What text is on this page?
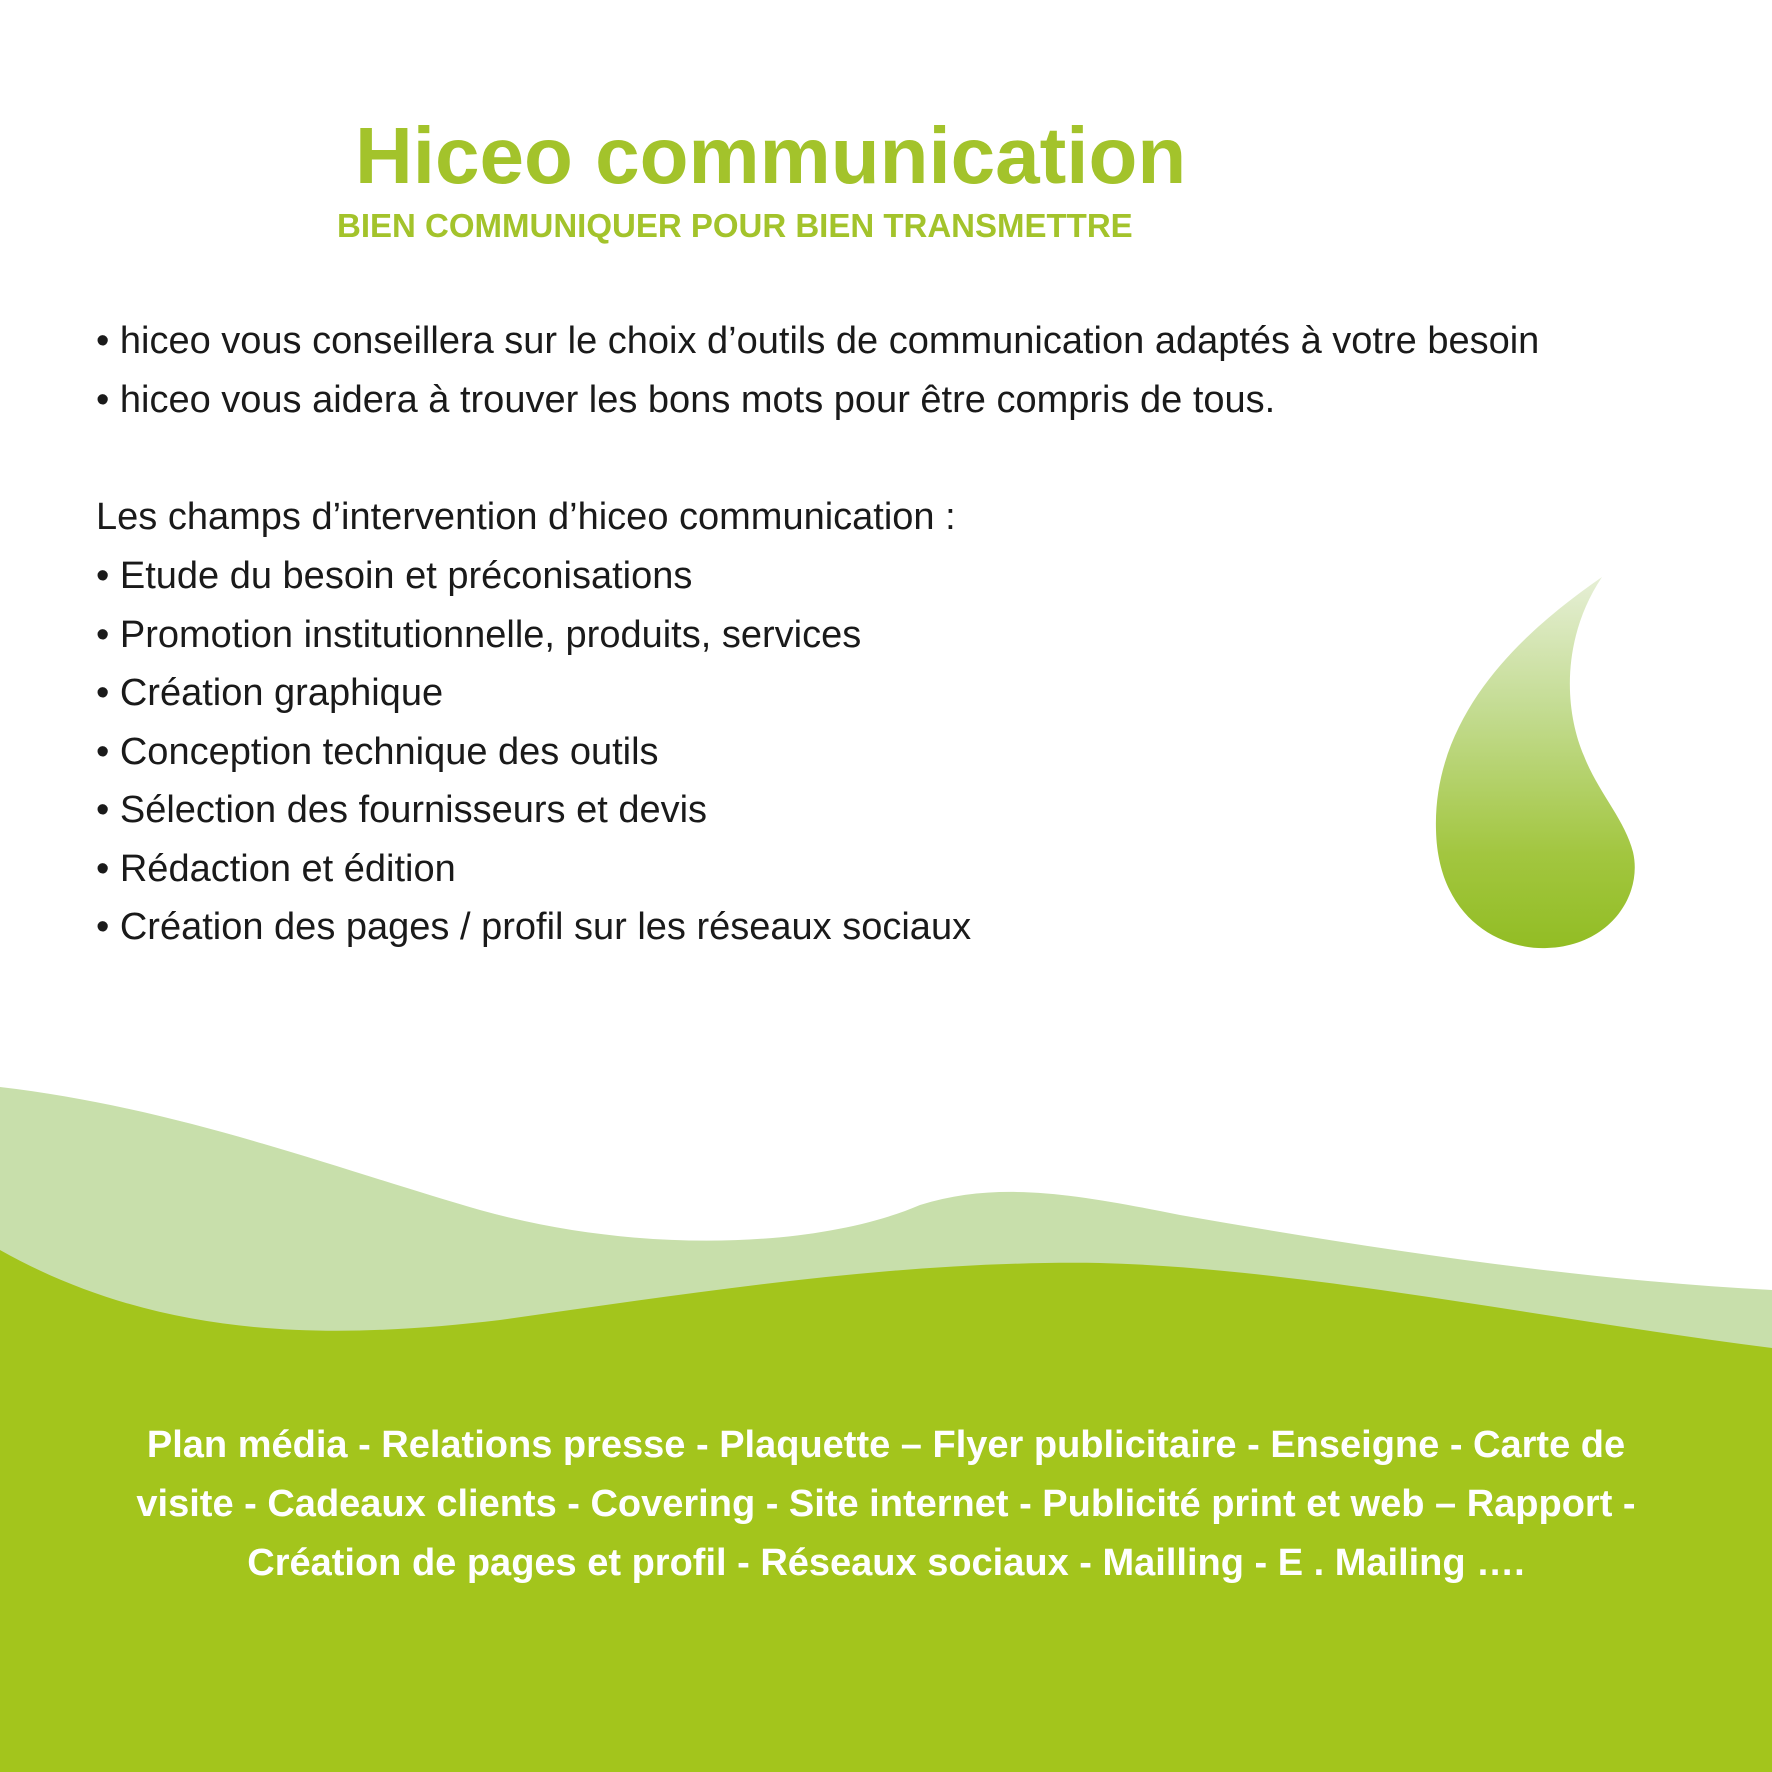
Hiceo communication
BIEN COMMUNIQUER POUR BIEN TRANSMETTRE
• hiceo vous conseillera sur le choix d’outils de communication adaptés à votre besoin
• hiceo vous aidera à trouver les bons mots pour être compris de tous.

Les champs d’intervention d’hiceo communication :

• Etude du besoin et préconisations
• Promotion institutionnelle, produits, services
• Création graphique
• Conception technique des outils
• Sélection des fournisseurs et devis
• Rédaction et édition
• Création des pages / profil sur les réseaux sociaux

Plan média - Relations presse - Plaquette – Flyer publicitaire - Enseigne - Carte de visite - Cadeaux clients - Covering - Site internet - Publicité print et web – Rapport - Création de pages et profil - Réseaux sociaux - Mailling - E . Mailing ….
